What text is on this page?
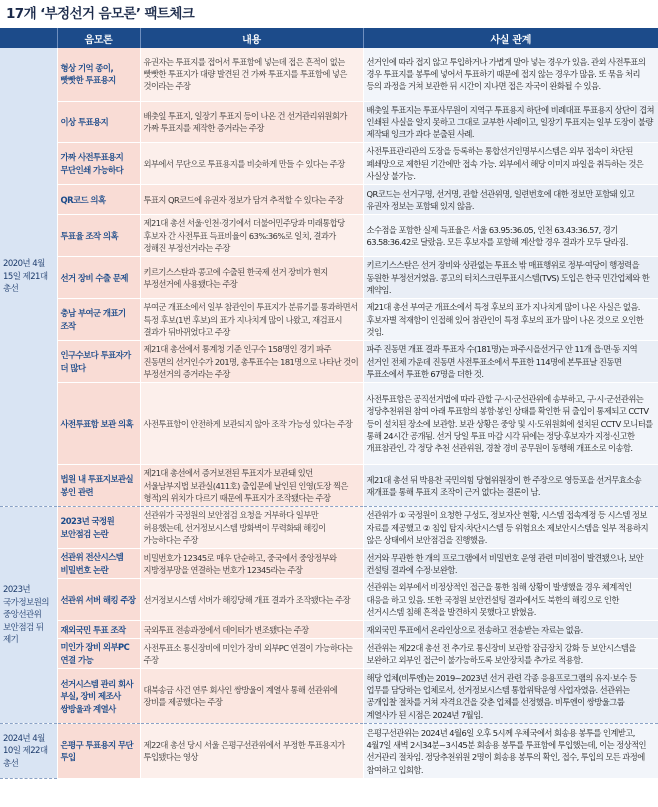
17개 ‘부정선거 음모론’ 팩트체크
	음모론	내용	사실 관계
2020년 4월 15일 제21대 총선	형상 기억 종이, 빳빳한 투표용지	유권자는 투표지를 접어서 투표함에 넣는데 접은 흔적이 없는 빳빳한 투표지가 대량 발견된 건 가짜 투표지를 투표함에 넣은 것이라는 주장	선거인에 따라 접지 않고 투입하거나 가볍게 말아 넣는 경우가 있음. 관외 사전투표의 경우 투표지를 봉투에 넣어서 투표하기 때문에 접지 않는 경우가 많음. 또 묶음 처리 등의 과정을 거쳐 보관한 뒤 시간이 지나면 접은 자국이 완화될 수 있음.
	이상 투표용지	배춧잎 투표지, 일장기 투표지 등이 나온 건 선거관리위원회가 가짜 투표지를 제작한 증거라는 주장	배춧잎 투표지는 투표사무원이 지역구 투표용지 하단에 비례대표 투표용지 상단이 겹쳐 인쇄된 사실을 알지 못하고 그대로 교부한 사례이고, 일장기 투표지는 일부 도장이 불량 제작돼 잉크가 과다 분출된 사례.
	가짜 사전투표용지 무단인쇄 가능하다	외부에서 무단으로 투표용지를 비슷하게 만들 수 있다는 주장	사전투표관리관의 도장을 등록하는 통합선거인명부시스템은 외부 접속이 차단된 폐쇄망으로 제한된 기간에만 접속 가능. 외부에서 해당 이미지 파일을 취득하는 것은 사실상 불가능.
	QR코드 의혹	투표지 QR코드에 유권자 정보가 담겨 추적할 수 있다는 주장	QR코드는 선거구명, 선거명, 관할 선관위명, 일련번호에 대한 정보만 포함돼 있고 유권자 정보는 포함돼 있지 않음.
	투표율 조작 의혹	제21대 총선 서울·인천·경기에서 더불어민주당과 미래통합당 후보자 간 사전투표 득표비율이 63%:36%로 일치, 결과가 정해진 부정선거라는 주장	소수점을 포함한 실제 득표율은 서울 63.95:36.05, 인천 63.43:36.57, 경기 63.58:36.42로 달랐음. 모든 후보자를 포함해 계산할 경우 결과가 모두 달라짐.
	선거 장비 수출 문제	키르기스스탄과 콩고에 수출된 한국제 선거 장비가 현지 부정선거에 사용됐다는 주장	키르기스스탄은 선거 장비와 상관없는 투표소 밖 매표행위로 정부·여당이 행정력을 동원한 부정선거였음. 콩고의 터치스크린투표시스템(TVS) 도입은 한국 민간업체와 한 계약임.
	충남 부여군 개표기 조작	부여군 개표소에서 일부 참관인이 투표지가 분류기를 통과하면서 특정 후보(1번 후보)의 표가 지나치게 많이 나왔고, 재검표시 결과가 뒤바뀌었다고 주장	제21대 총선 부여군 개표소에서 특정 후보의 표가 지나치게 많이 나온 사실은 없음. 후보자별 적재함이 인접해 있어 참관인이 특정 후보의 표가 많이 나온 것으로 오인한 것임.
	인구수보다 투표자가 더 많다	제21대 총선에서 통계청 기준 인구수 158명인 경기 파주 진동면의 선거인수가 201명, 총투표수는 181명으로 나타난 것이 부정선거의 증거라는 주장	파주 진동면 개표 결과 투표자 수(181명)는 파주시을선거구 안 11개 읍·면·동 지역 선거인 전체 가운데 진동면 사전투표소에서 투표한 114명에 본투표날 진동면 투표소에서 투표한 67명을 더한 것.
	사전투표함 보관 의혹	사전투표함이 안전하게 보관되지 않아 조작 가능성 있다는 주장	사전투표함은 공직선거법에 따라 관할 구·시·군선관위에 송부하고, 구·시·군선관위는 정당추천위원 참여 아래 투표함의 봉함·봉인 상태를 확인한 뒤 출입이 통제되고 CCTV 등이 설치된 장소에 보관함. 보관 상황은 중앙 및 시·도위원회에 설치된 CCTV 모니터를 통해 24시간 공개됨. 선거 당일 투표 마감 시각 뒤에는 정당·후보자가 지정·신고한 개표참관인, 각 정당 추천 선관위원, 경찰 경비 공무원이 동행해 개표소로 이송함.
	법원 내 투표지보관실 봉인 관련	제21대 총선에서 증거보전된 투표지가 보관돼 있던 서울남부지법 보관실(411호) 출입문에 날인된 인영(도장 찍은 형적)의 위치가 다르기 때문에 투표지가 조작됐다는 주장	제21대 총선 뒤 박용찬 국민의힘 당협위원장이 한 주장으로 영등포을 선거무효소송 재개표를 통해 투표지 조작이 근거 없다는 결론이 남.
2023년 국가정보원의 중앙선관위 보안점검 뒤 제기	2023년 국정원 보안점검 논란	선관위가 국정원의 보안점검 요청을 거부하다 일부만 허용했는데, 선거정보시스템 방화벽이 무력화돼 해킹이 가능하다는 주장	선관위가 ① 국정원이 요청한 구성도, 정보자산 현황, 시스템 접속계정 등 시스템 정보 자료를 제공했고 ② 침입 탐지·차단시스템 등 위험요소 제보안시스템을 일부 적용하지 않은 상태에서 보안점검을 진행했음.
	선관위 전산시스템 비밀번호 논란	비밀번호가 12345로 매우 단순하고, 중국에서 중앙정부와 지방정부망을 연결하는 번호가 12345라는 주장	선거와 무관한 한 개의 프로그램에서 비밀번호 운영 관련 미비점이 발견됐으나, 보안 컨설팅 결과에 수정·보완함.
	선관위 서버 해킹 주장	선거정보시스템 서버가 해킹당해 개표 결과가 조작됐다는 주장	선관위는 외부에서 비정상적인 접근을 통한 침해 상황이 발생했을 경우 체계적인 대응을 하고 있음. 또한 국정원 보안컨설팅 결과에서도 북한의 해킹으로 인한 선거시스템 침해 흔적을 발견하지 못했다고 밝혔음.
	재외국민 투표 조작	국외투표 전송과정에서 데이터가 변조됐다는 주장	재외국민 투표에서 온라인상으로 전송하고 전송받는 자료는 없음.
	미인가 장비 외부PC 연결 가능	사전투표소 통신장비에 미인가 장비 외부PC 연결이 가능하다는 주장	선관위는 제22대 총선 전 추가로 통신장비 보관함 잠금장치 강화 등 보안시스템을 보완하고 외부인 접근이 불가능하도록 보안장치를 추가로 적용함.
	선거시스템 관리 회사 부실, 장비 제조사 쌍방울과 계열사	대북송금 사건 연루 회사인 쌍방울이 계열사 통해 선관위에 장비를 제공했다는 주장	해당 업체(비투엔)는 2019~2023년 선거 관련 각종 응용프로그램의 유지·보수 등 업무를 담당하는 업체로서, 선거정보시스템 통합위탁운영 사업자였음. 선관위는 공개입찰 절차를 거쳐 자격요건을 갖춘 업체를 선정했음. 비투엔이 쌍방울그룹 계열사가 된 시점은 2024년 7월임.
2024년 4월 10일 제22대 총선	은평구 투표용지 무단 투입	제22대 총선 당시 서울 은평구선관위에서 부정한 투표용지가 투입됐다는 영상	은평구선관위는 2024년 4월6일 오후 5시께 우체국에서 회송용 봉투를 인계받고, 4월7일 새벽 2시34분~3시45분 회송용 봉투를 투표함에 투입했는데, 이는 정상적인 선거관리 절차임. 정당추천위원 2명이 회송용 봉투의 확인, 접수, 투입의 모든 과정에 참여하고 입회함.
